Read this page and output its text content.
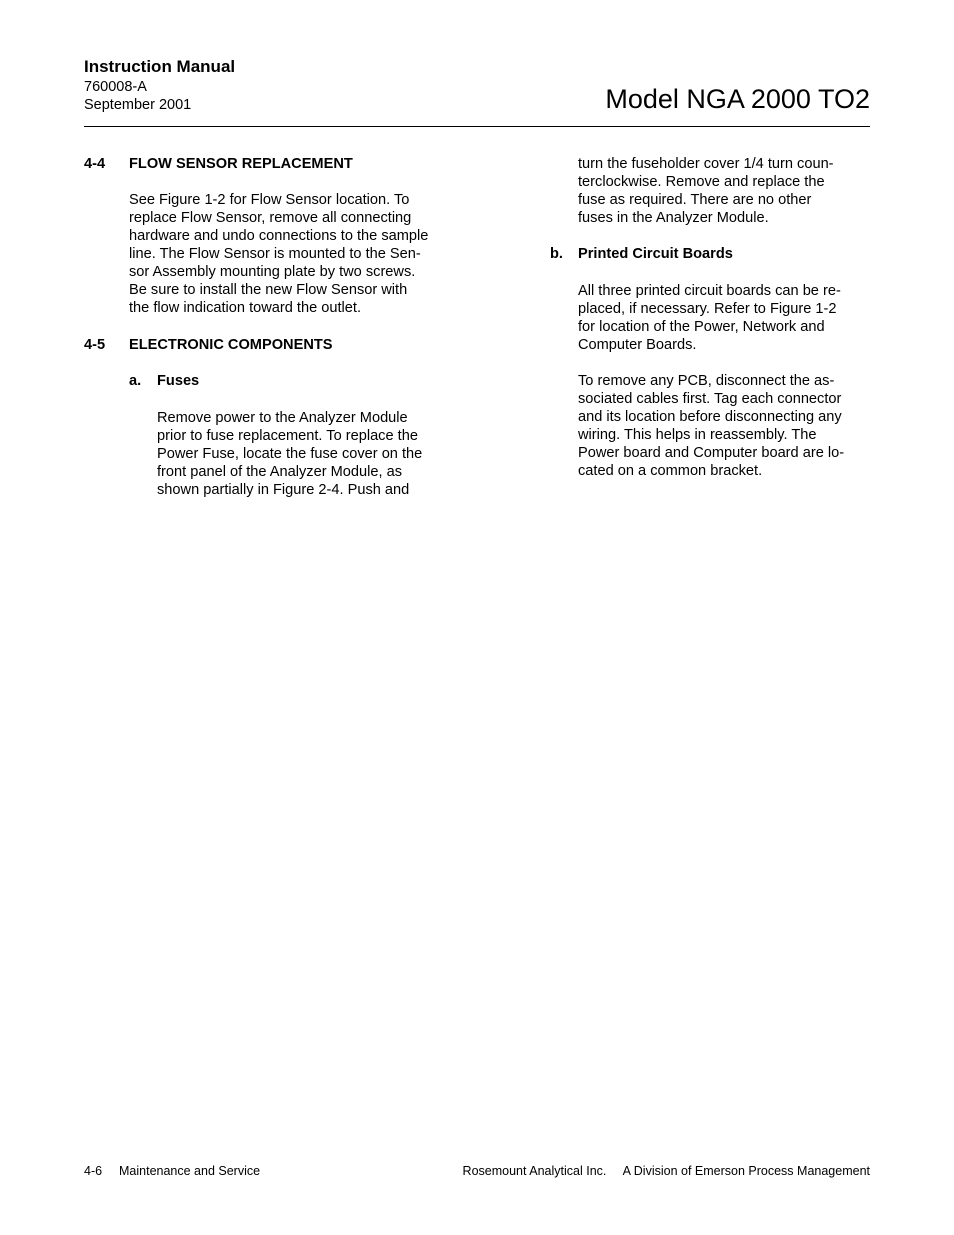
Instruction Manual
760008-A
September 2001	Model NGA 2000 TO2
4-4 FLOW SENSOR REPLACEMENT
See Figure 1-2 for Flow Sensor location. To
replace Flow Sensor, remove all connecting
hardware and undo connections to the sample
line. The Flow Sensor is mounted to the Sen-
sor Assembly mounting plate by two screws.
Be sure to install the new Flow Sensor with
the flow indication toward the outlet.
4-5 ELECTRONIC COMPONENTS
a. Fuses
Remove power to the Analyzer Module
prior to fuse replacement. To replace the
Power Fuse, locate the fuse cover on the
front panel of the Analyzer Module, as
shown partially in Figure 2-4. Push and
turn the fuseholder cover 1/4 turn coun-
terclockwise. Remove and replace the
fuse as required. There are no other
fuses in the Analyzer Module.
b. Printed Circuit Boards
All three printed circuit boards can be re-
placed, if necessary. Refer to Figure 1-2
for location of the Power, Network and
Computer Boards.
To remove any PCB, disconnect the as-
sociated cables first. Tag each connector
and its location before disconnecting any
wiring. This helps in reassembly. The
Power board and Computer board are lo-
cated on a common bracket.
4-6 Maintenance and Service	Rosemount Analytical Inc. A Division of Emerson Process Management
